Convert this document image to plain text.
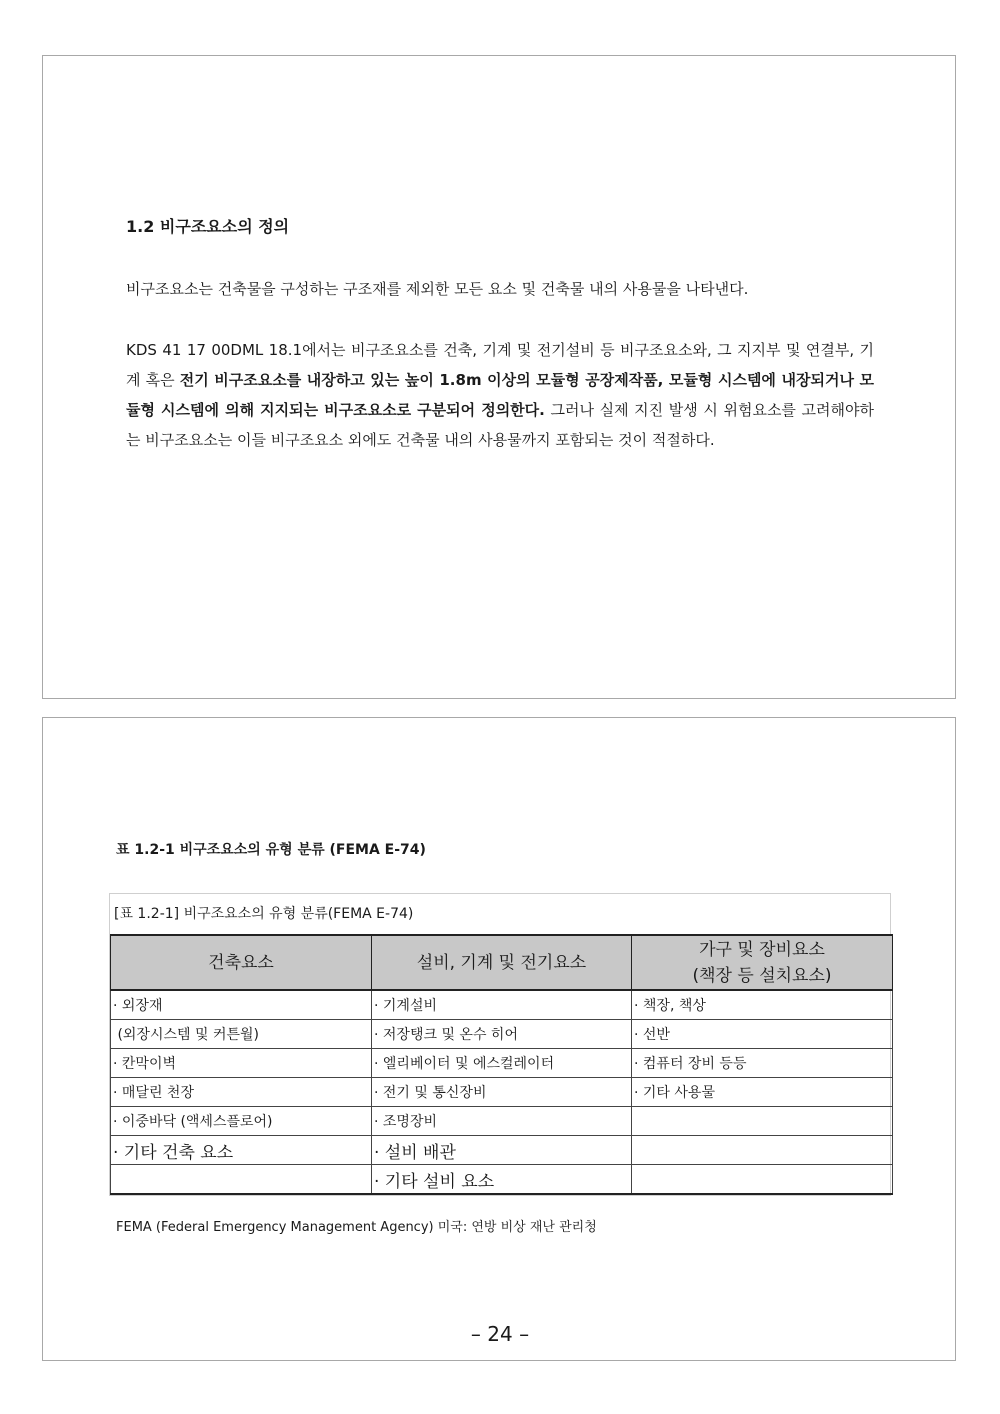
1.2 비구조요소의 정의

비구조요소는 건축물을 구성하는 구조재를 제외한 모든 요소 및 건축물 내의 사용물을 나타낸다.

KDS 41 17 00DML 18.1에서는 비구조요소를 건축, 기계 및 전기설비 등 비구조요소와, 그 지지부 및 연결부, 기계 혹은 전기 비구조요소를 내장하고 있는 높이 1.8m 이상의 모듈형 공장제작품, 모듈형 시스템에 내장되거나 모듈형 시스템에 의해 지지되는 비구조요소로 구분되어 정의한다. 그러나 실제 지진 발생 시 위험요소를 고려해야하는 비구조요소는 이들 비구조요소 외에도 건축물 내의 사용물까지 포함되는 것이 적절하다.

표 1.2-1 비구조요소의 유형 분류 (FEMA E-74)
[표 1.2-1] 비구조요소의 유형 분류(FEMA E-74)
건축요소	설비, 기계 및 전기요소	가구 및 장비요소
(책장 등 설치요소)
· 외장재	· 기계설비	· 책장, 책상
(외장시스템 및 커튼월)	· 저장탱크 및 온수 히어	· 선반
· 칸막이벽	· 엘리베이터 및 에스컬레이터	· 컴퓨터 장비 등등
· 매달린 천장	· 전기 및 통신장비	· 기타 사용물
· 이중바닥 (액세스플로어)	· 조명장비	
· 기타 건축 요소	· 설비 배관	
	· 기타 설비 요소	

FEMA (Federal Emergency Management Agency) 미국: 연방 비상 재난 관리청

– 24 –
